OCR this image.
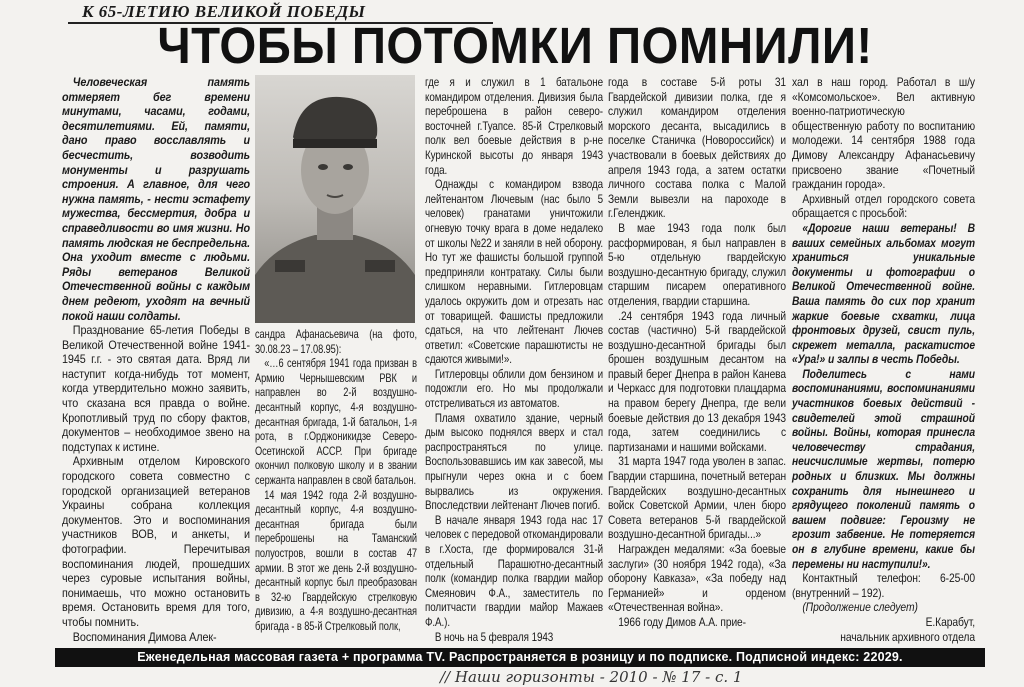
К 65-ЛЕТИЮ ВЕЛИКОЙ ПОБЕДЫ
ЧТОБЫ ПОТОМКИ ПОМНИЛИ!

Человеческая память отмеряет бег времени минутами, часами, годами, десятилетиями. Ей, памяти, дано право восславлять и бесчестить, возводить монументы и разрушать строения. А главное, для чего нужна память, - нести эстафету мужества, бессмертия, добра и справедливости во имя жизни. Но память людская не беспредельна. Она уходит вместе с людьми. Ряды ветеранов Великой Отечественной войны с каждым днем редеют, уходят на вечный покой наши солдаты.

Празднование 65-летия Победы в Великой Отечественной войне 1941-1945 г.г. - это святая дата. Вряд ли наступит когда-нибудь тот момент, когда утвердительно можно заявить, что сказана вся правда о войне. Кропотливый труд по сбору фактов, документов – необходимое звено на подступах к истине.

Архивным отделом Кировского городского совета совместно с городской организацией ветеранов Украины собрана коллекция документов. Это и воспоминания участников ВОВ, и анкеты, и фотографии. Перечитывая воспоминания людей, прошедших через суровые испытания войны, понимаешь, что можно остановить время. Остановить время для того, чтобы помнить.

Воспоминания Димова Алек-

сандра Афанасьевича (на фото, 30.08.23 – 17.08.95):

«…6 сентября 1941 года призван в Армию Чернышевским РВК и направлен во 2-й воздушно-десантный корпус, 4-я воздушно-десантная бригада, 1-й батальон, 1-я рота, в г.Орджоникидзе Северо-Осетинской АССР. При бригаде окончил полковую школу и в звании сержанта направлен в свой батальон.

14 мая 1942 года 2-й воздушно-десантный корпус, 4-я воздушно-десантная бригада были переброшены на Таманский полуостров, вошли в состав 47 армии. В этот же день 2-й воздушно-десантный корпус был преобразован в 32-ю Гвардейскую стрелковую дивизию, а 4-я воздушно-десантная бригада - в 85-й Стрелковый полк,

где я и служил в 1 батальоне командиром отделения. Дивизия была переброшена в район северо-восточней г.Туапсе. 85-й Стрелковый полк вел боевые действия в р-не Куринской высоты до января 1943 года.

Однажды с командиром взвода лейтенантом Лючевым (нас было 5 человек) гранатами уничтожили огневую точку врага в доме недалеко от школы №22 и заняли в ней оборону. Но тут же фашисты большой группой предприняли контратаку. Силы были слишком неравными. Гитлеровцам удалось окружить дом и отрезать нас от товарищей. Фашисты предложили сдаться, на что лейтенант Лючев ответил: «Советские парашютисты не сдаются живыми!».

Гитлеровцы облили дом бензином и подожгли его. Но мы продолжали отстреливаться из автоматов.

Пламя охватило здание, черный дым высоко поднялся вверх и стал распространяться по улице. Воспользовавшись им как завесой, мы прыгнули через окна и с боем вырвались из окружения. Впоследствии лейтенант Лючев погиб.

В начале января 1943 года нас 17 человек с передовой откомандировали в г.Хоста, где формировался 31-й отдельный Парашютно-десантный полк (командир полка гвардии майор Смеянович Ф.А., заместитель по политчасти гвардии майор Мажаев Ф.А.).

В ночь на 5 февраля 1943

года в составе 5-й роты 31 Гвардейской дивизии полка, где я служил командиром отделения морского десанта, высадились в поселке Станичка (Новороссийск) и участвовали в боевых действиях до апреля 1943 года, а затем остатки личного состава полка с Малой Земли вывезли на пароходе в г.Геленджик.

В мае 1943 года полк был расформирован, я был направлен в 5-ю отдельную гвардейскую воздушно-десантную бригаду, служил старшим писарем оперативного отделения, гвардии старшина.

.24 сентября 1943 года личный состав (частично) 5-й гвардейской воздушно-десантной бригады был брошен воздушным десантом на правый берег Днепра в район Канева и Черкасс для подготовки плацдарма на правом берегу Днепра, где вели боевые действия до 13 декабря 1943 года, затем соединились с партизанами и нашими войсками.

31 марта 1947 года уволен в запас. Гвардии старшина, почетный ветеран Гвардейских воздушно-десантных войск Советской Армии, член бюро Совета ветеранов 5-й гвардейской воздушно-десантной бригады...»

Награжден медалями: «За боевые заслуги» (30 ноября 1942 года), «За оборону Кавказа», «За победу над Германией» и орденом «Отечественная война».

1966 году Димов А.А. прие-

хал в наш город. Работал в ш/у «Комсомольское». Вел активную военно-патриотическую общественную работу по воспитанию молодежи. 14 сентября 1988 года Димову Александру Афанасьевичу присвоено звание «Почетный гражданин города».

Архивный отдел городского совета обращается с просьбой:

«Дорогие наши ветераны! В ваших семейных альбомах могут храниться уникальные документы и фотографии о Великой Отечественной войне. Ваша память до сих пор хранит жаркие боевые схватки, лица фронтовых друзей, свист пуль, скрежет металла, раскатистое «Ура!» и залпы в честь Победы.

Поделитесь с нами воспоминаниями, воспоминаниями участников боевых действий - свидетелей этой страшной войны. Войны, которая принесла человечеству страдания, неисчислимые жертвы, потерю родных и близких. Мы должны сохранить для нынешнего и грядущего поколений память о вашем подвиге: Героизму не грозит забвение. Не потеряется он в глубине времени, какие бы перемены ни наступили!».

Контактный телефон: 6-25-00 (внутренний – 192).

(Продолжение следует)

Е.Карабут,

начальник архивного отдела

Еженедельная массовая газета + программа TV. Распространяется в розницу и по подписке. Подписной индекс: 22029.
// Наши горизонты - 2010 - № 17 - с. 1
